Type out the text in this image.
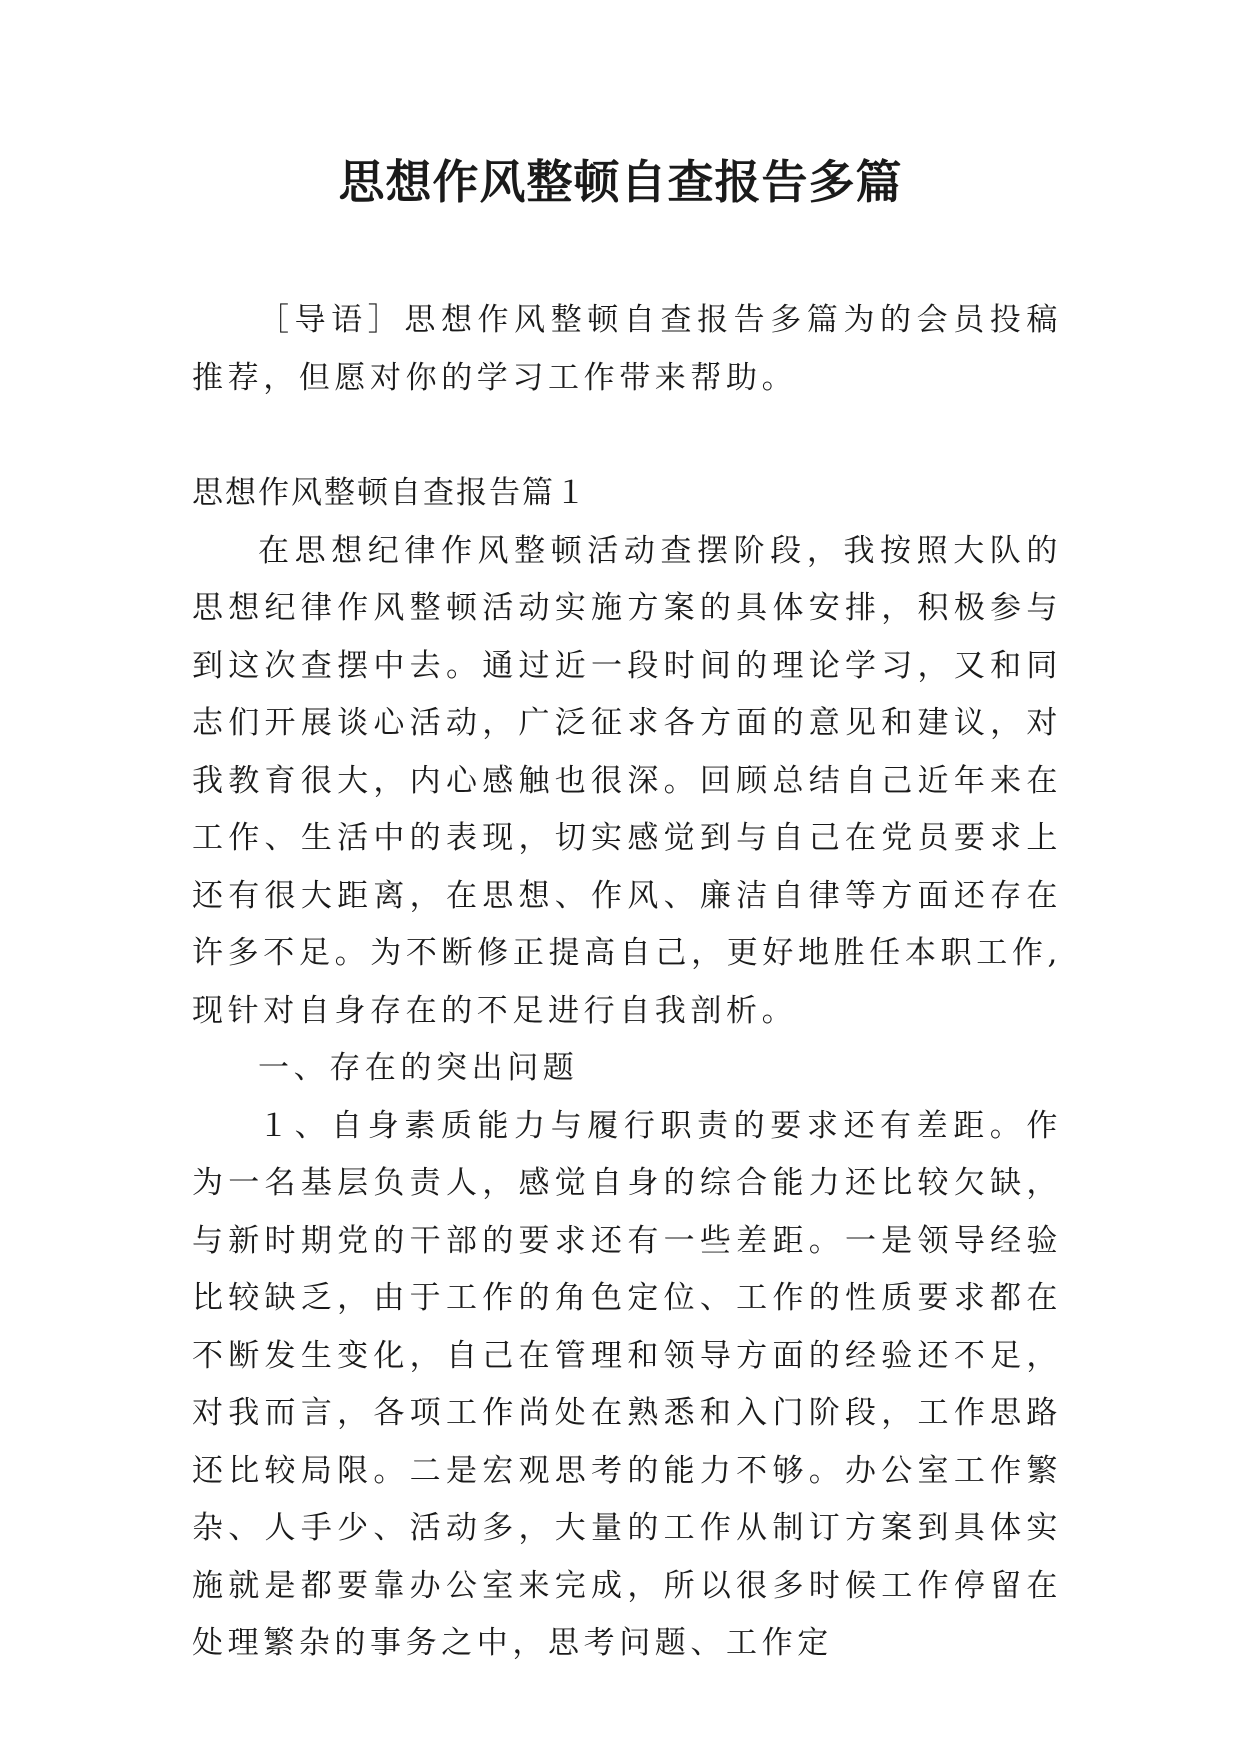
思想作风整顿自查报告多篇

［导语］思想作风整顿自查报告多篇为的会员投稿推荐，但愿对你的学习工作带来帮助。

思想作风整顿自查报告篇１

在思想纪律作风整顿活动查摆阶段，我按照大队的思想纪律作风整顿活动实施方案的具体安排，积极参与到这次查摆中去。通过近一段时间的理论学习，又和同志们开展谈心活动，广泛征求各方面的意见和建议，对我教育很大，内心感触也很深。回顾总结自己近年来在工作、生活中的表现，切实感觉到与自己在党员要求上还有很大距离，在思想、作风、廉洁自律等方面还存在许多不足。为不断修正提高自己，更好地胜任本职工作,现针对自身存在的不足进行自我剖析。

一、存在的突出问题

１、自身素质能力与履行职责的要求还有差距。作为一名基层负责人，感觉自身的综合能力还比较欠缺，与新时期党的干部的要求还有一些差距。一是领导经验比较缺乏，由于工作的角色定位、工作的性质要求都在不断发生变化，自己在管理和领导方面的经验还不足，对我而言，各项工作尚处在熟悉和入门阶段，工作思路还比较局限。二是宏观思考的能力不够。办公室工作繁杂、人手少、活动多，大量的工作从制订方案到具体实施就是都要靠办公室来完成，所以很多时候工作停留在处理繁杂的事务之中，思考问题、工作定
